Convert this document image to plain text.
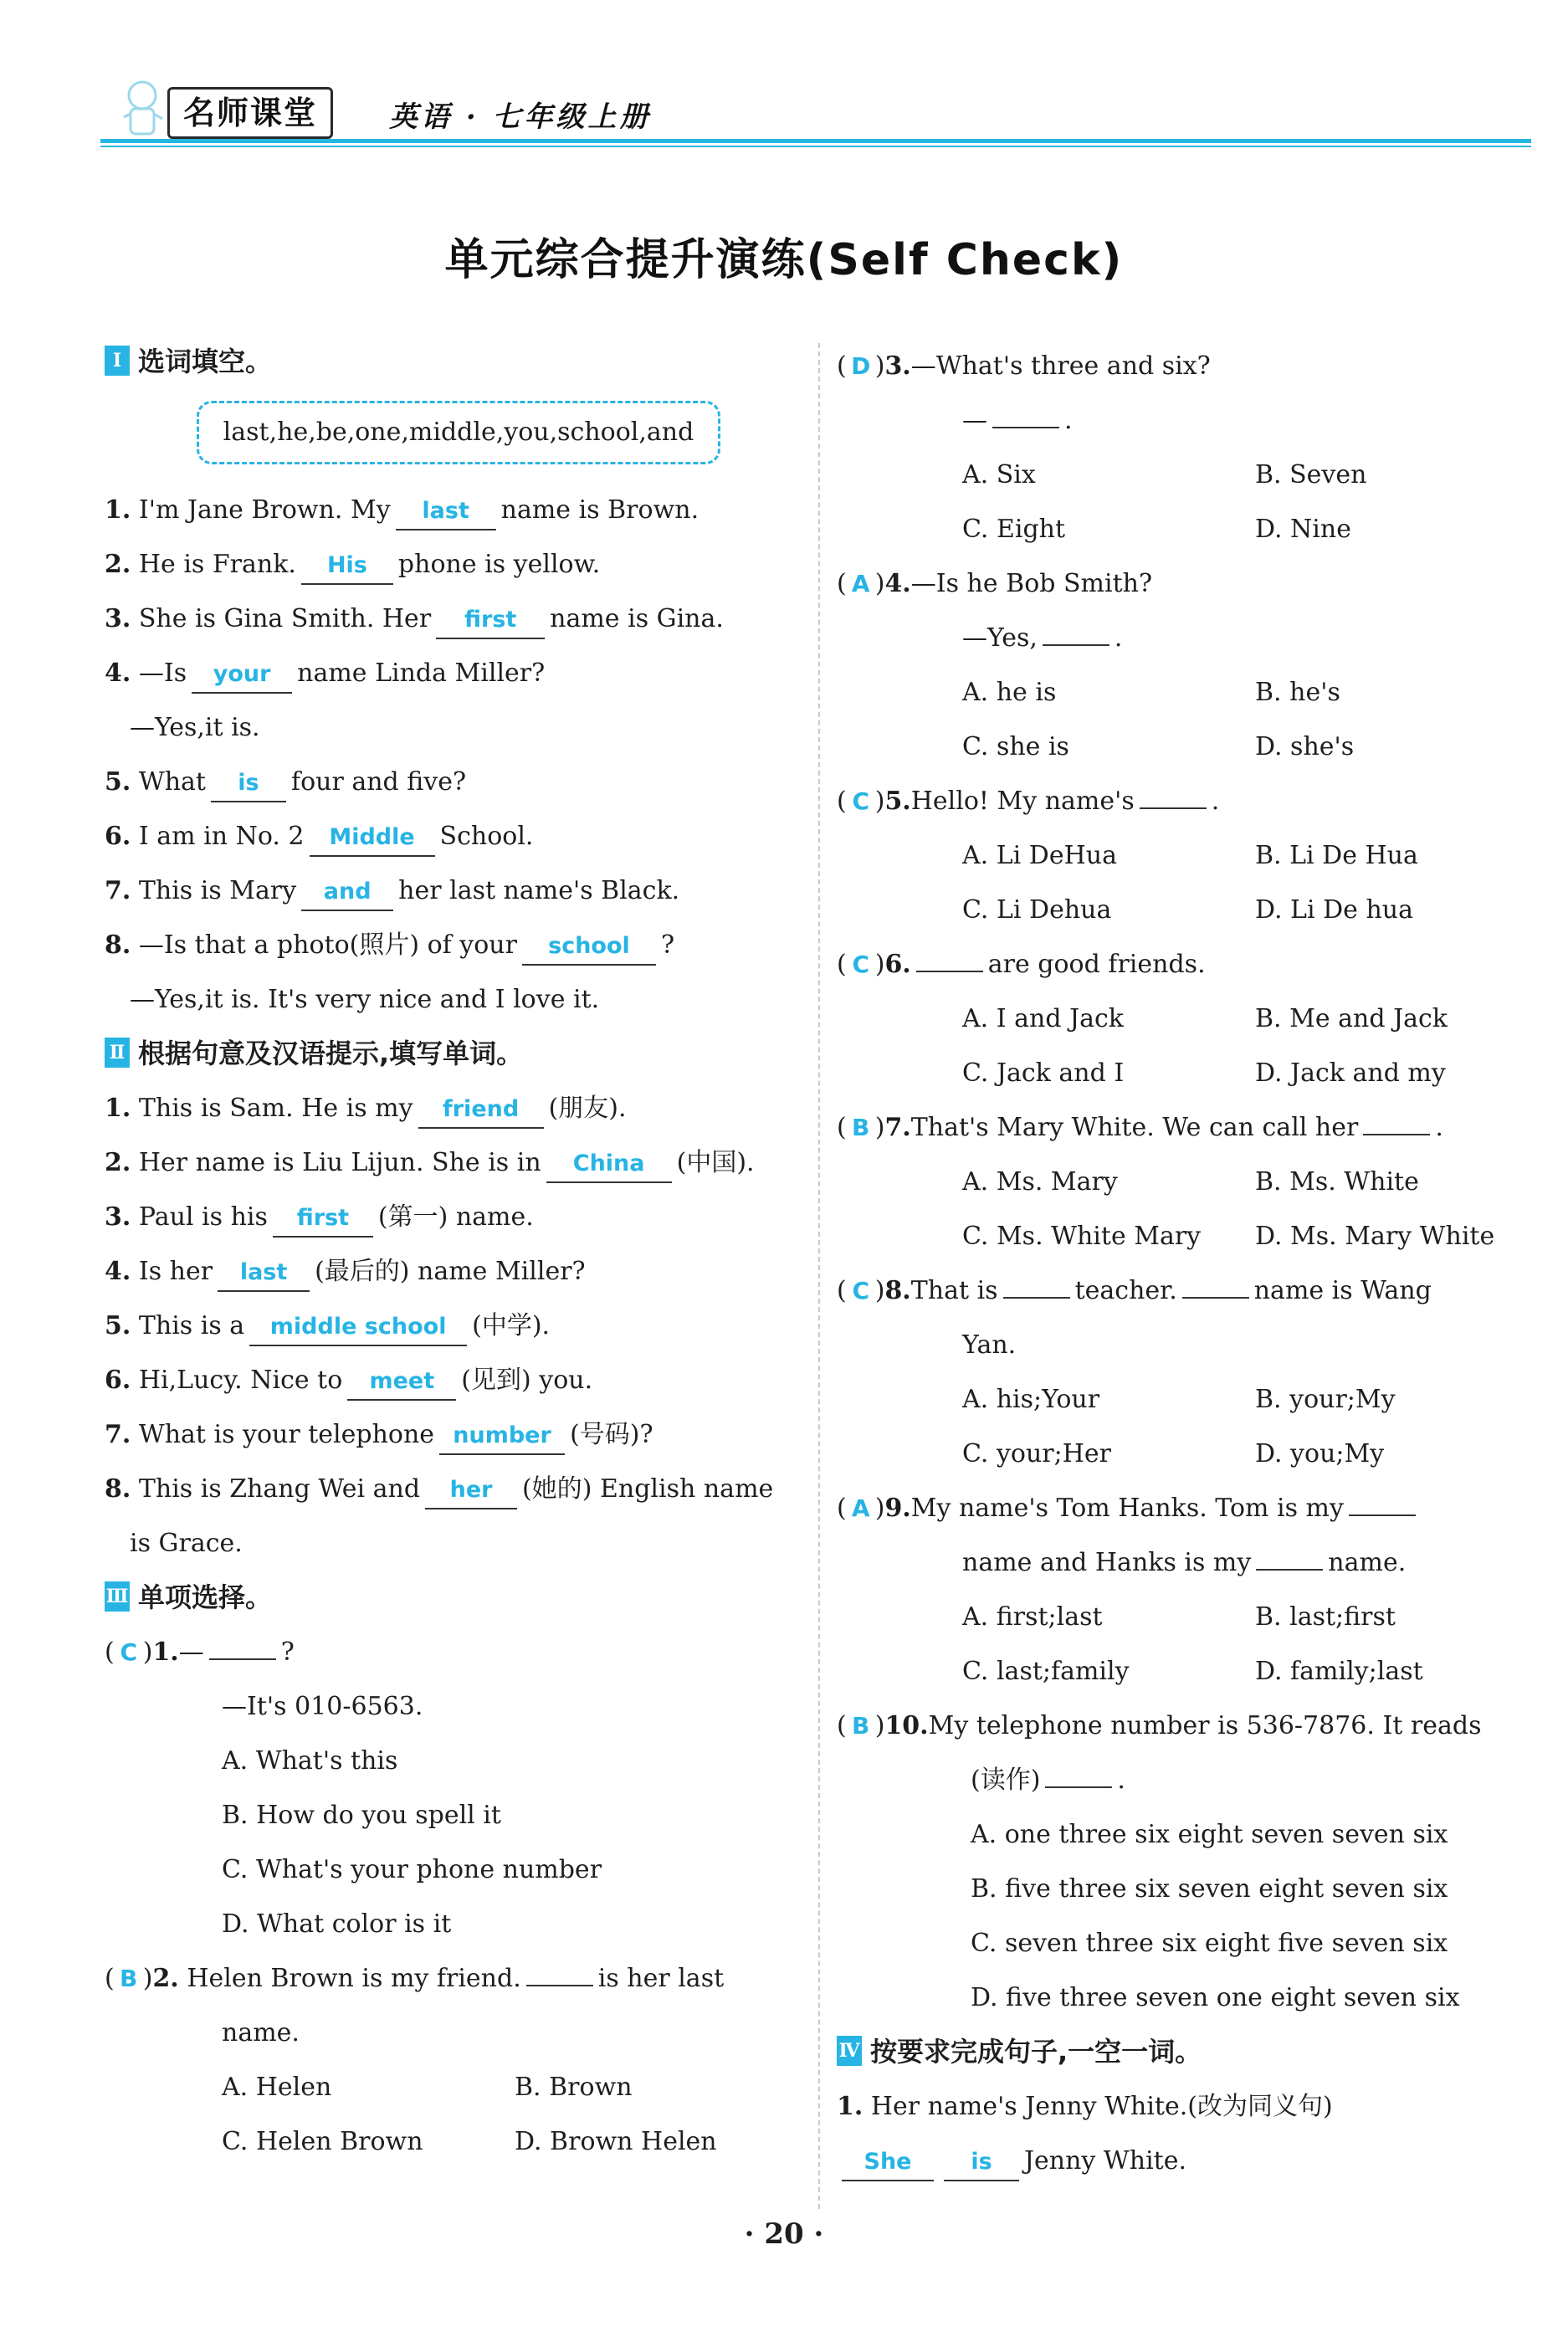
名师课堂	英语 · 七年级上册
单元综合提升演练(Self Check)
Ⅰ 选词填空。
last,he,be,one,middle,you,school,and
1. I'm Jane Brown. My last name is Brown.
2. He is Frank. His phone is yellow.
3. She is Gina Smith. Her first name is Gina.
4. —Is your name Linda Miller?
—Yes,it is.
5. What is four and five?
6. I am in No. 2 Middle School.
7. This is Mary and her last name's Black.
8. —Is that a photo(照片) of your school ?
—Yes,it is. It's very nice and I love it.
Ⅱ 根据句意及汉语提示,填写单词。
1. This is Sam. He is my friend (朋友).
2. Her name is Liu Lijun. She is in China (中国).
3. Paul is his first (第一) name.
4. Is her last (最后的) name Miller?
5. This is a middle school (中学).
6. Hi,Lucy. Nice to meet (见到) you.
7. What is your telephone number (号码)?
8. This is Zhang Wei and her (她的) English name
is Grace.
Ⅲ 单项选择。
( C )1.—	?
—It's 010-6563.
A. What's this
B. How do you spell it
C. What's your phone number
D. What color is it
( B )2. Helen Brown is my friend.	is her last
name.
A. Helen	B. Brown
C. Helen Brown	D. Brown Helen
( D )3.—What's three and six?
—	.
A. Six	B. Seven
C. Eight	D. Nine
( A )4.—Is he Bob Smith?
—Yes,	.
A. he is	B. he's
C. she is	D. she's
( C )5.Hello! My name's	.
A. Li DeHua	B. Li De Hua
C. Li Dehua	D. Li De hua
( C )6.	are good friends.
A. I and Jack	B. Me and Jack
C. Jack and I	D. Jack and my
( B )7.That's Mary White. We can call her	.
A. Ms. Mary	B. Ms. White
C. Ms. White Mary D. Ms. Mary White
( C )8.That is	teacher.	name is Wang
Yan.
A. his;Your	B. your;My
C. your;Her	D. you;My
( A )9.My name's Tom Hanks. Tom is my
name and Hanks is my	name.
A. first;last	B. last;first
C. last;family	D. family;last
( B )10.My telephone number is 536-7876. It reads
(读作)	.
A. one three six eight seven seven six
B. five three six seven eight seven six
C. seven three six eight five seven six
D. five three seven one eight seven six
Ⅳ 按要求完成句子,一空一词。
1. Her name's Jenny White.(改为同义句)
She	is Jenny White.
· 20 ·
